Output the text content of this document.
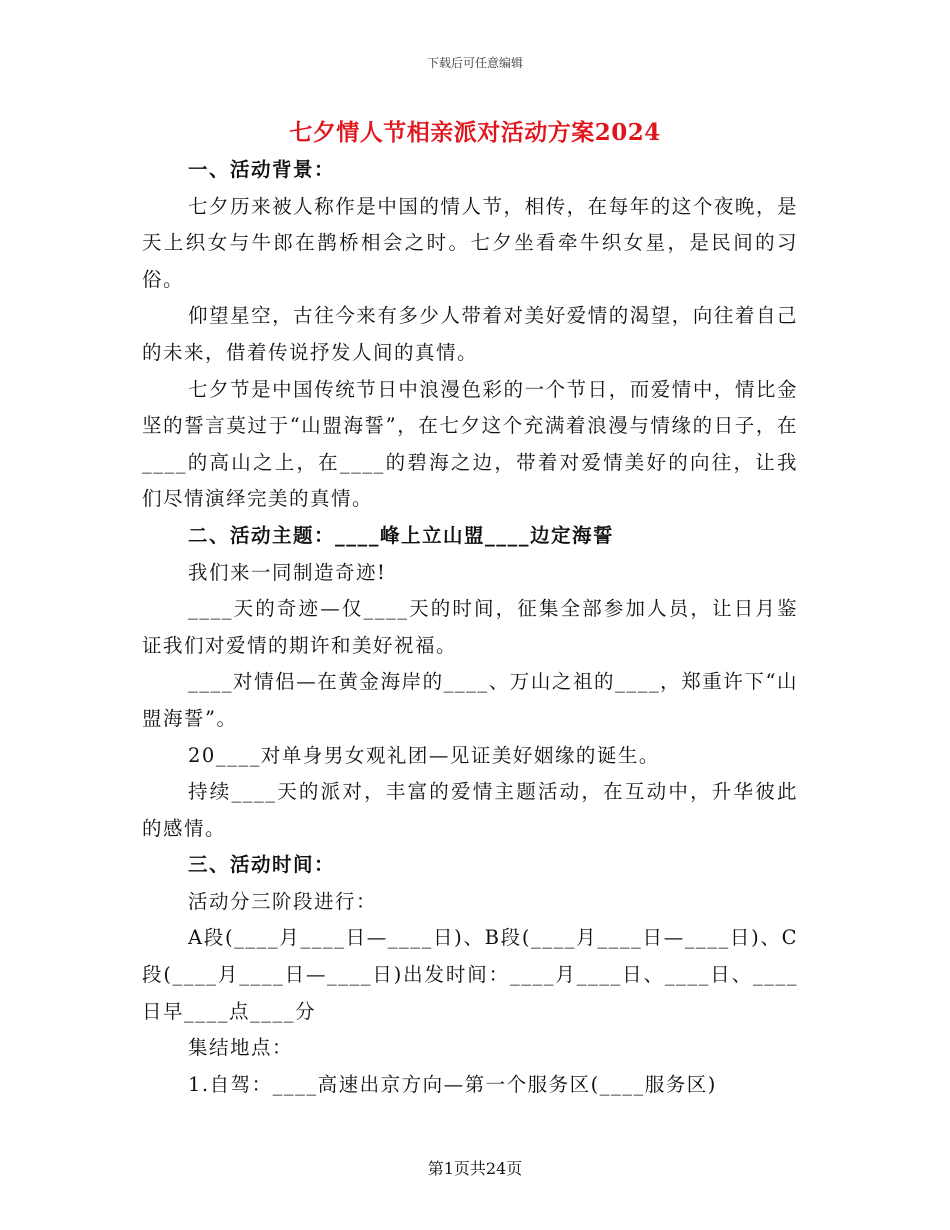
下载后可任意编辑
七夕情人节相亲派对活动方案2024

一、活动背景：

七夕历来被人称作是中国的情人节，相传，在每年的这个夜晚，是天上织女与牛郎在鹊桥相会之时。七夕坐看牵牛织女星，是民间的习俗。

仰望星空，古往今来有多少人带着对美好爱情的渴望，向往着自己的未来，借着传说抒发人间的真情。

七夕节是中国传统节日中浪漫色彩的一个节日，而爱情中，情比金坚的誓言莫过于“山盟海誓”，在七夕这个充满着浪漫与情缘的日子，在____的高山之上，在____的碧海之边，带着对爱情美好的向往，让我们尽情演绎完美的真情。

二、活动主题：____峰上立山盟____边定海誓

我们来一同制造奇迹!

____天的奇迹—仅____天的时间，征集全部参加人员，让日月鉴证我们对爱情的期许和美好祝福。

____对情侣—在黄金海岸的____、万山之祖的____，郑重许下“山盟海誓”。

20____对单身男女观礼团—见证美好姻缘的诞生。

持续____天的派对，丰富的爱情主题活动，在互动中，升华彼此的感情。

三、活动时间：

活动分三阶段进行：

A段(____月____日—____日)、B段(____月____日—____日)、C段(____月____日—____日)出发时间：____月____日、____日、____日早____点____分

集结地点：

1.自驾：____高速出京方向—第一个服务区(____服务区)

第1页共24页
